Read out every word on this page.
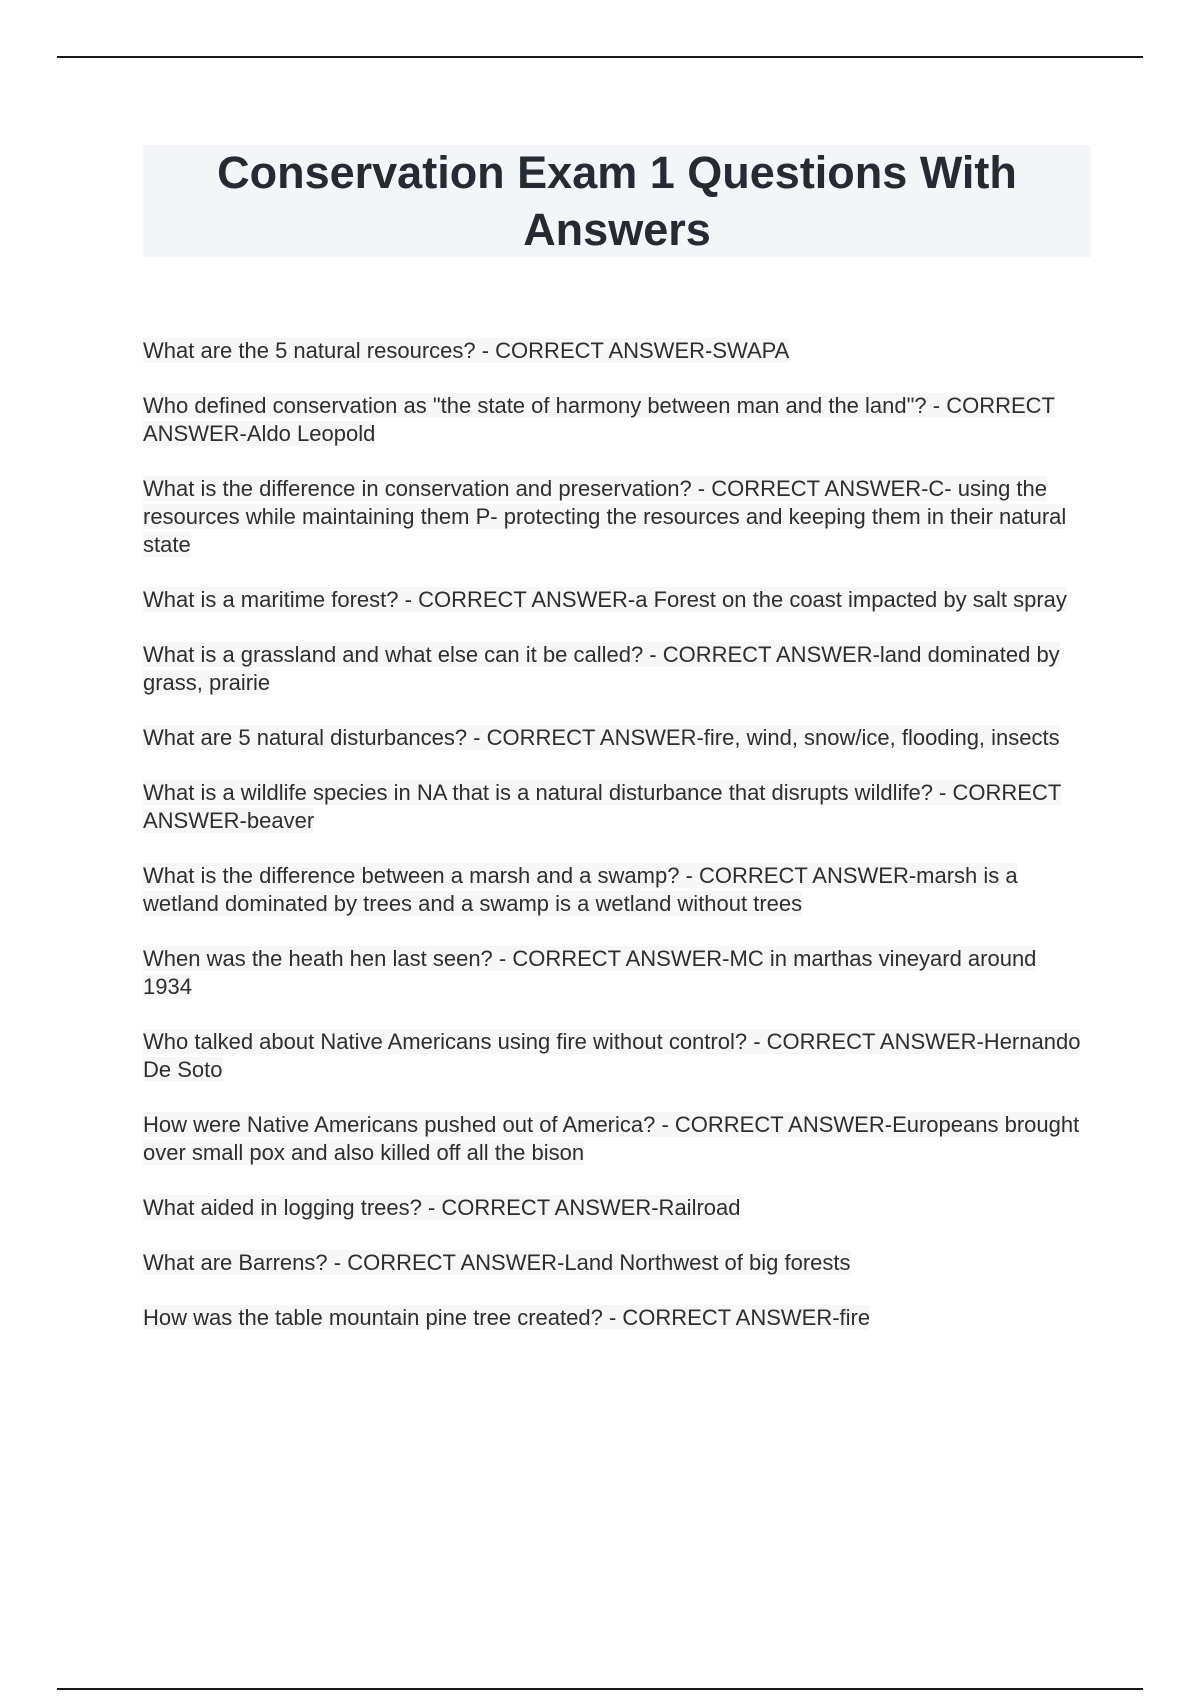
Conservation Exam 1 Questions With
Answers

What are the 5 natural resources? - CORRECT ANSWER-SWAPA

Who defined conservation as "the state of harmony between man and the land"? - CORRECT ANSWER-Aldo Leopold

What is the difference in conservation and preservation? - CORRECT ANSWER-C- using the resources while maintaining them P- protecting the resources and keeping them in their natural state

What is a maritime forest? - CORRECT ANSWER-a Forest on the coast impacted by salt spray

What is a grassland and what else can it be called? - CORRECT ANSWER-land dominated by grass, prairie

What are 5 natural disturbances? - CORRECT ANSWER-fire, wind, snow/ice, flooding, insects

What is a wildlife species in NA that is a natural disturbance that disrupts wildlife? - CORRECT ANSWER-beaver

What is the difference between a marsh and a swamp? - CORRECT ANSWER-marsh is a wetland dominated by trees and a swamp is a wetland without trees

When was the heath hen last seen? - CORRECT ANSWER-MC in marthas vineyard around 1934

Who talked about Native Americans using fire without control? - CORRECT ANSWER-Hernando De Soto

How were Native Americans pushed out of America? - CORRECT ANSWER-Europeans brought over small pox and also killed off all the bison

What aided in logging trees? - CORRECT ANSWER-Railroad

What are Barrens? - CORRECT ANSWER-Land Northwest of big forests

How was the table mountain pine tree created? - CORRECT ANSWER-fire
